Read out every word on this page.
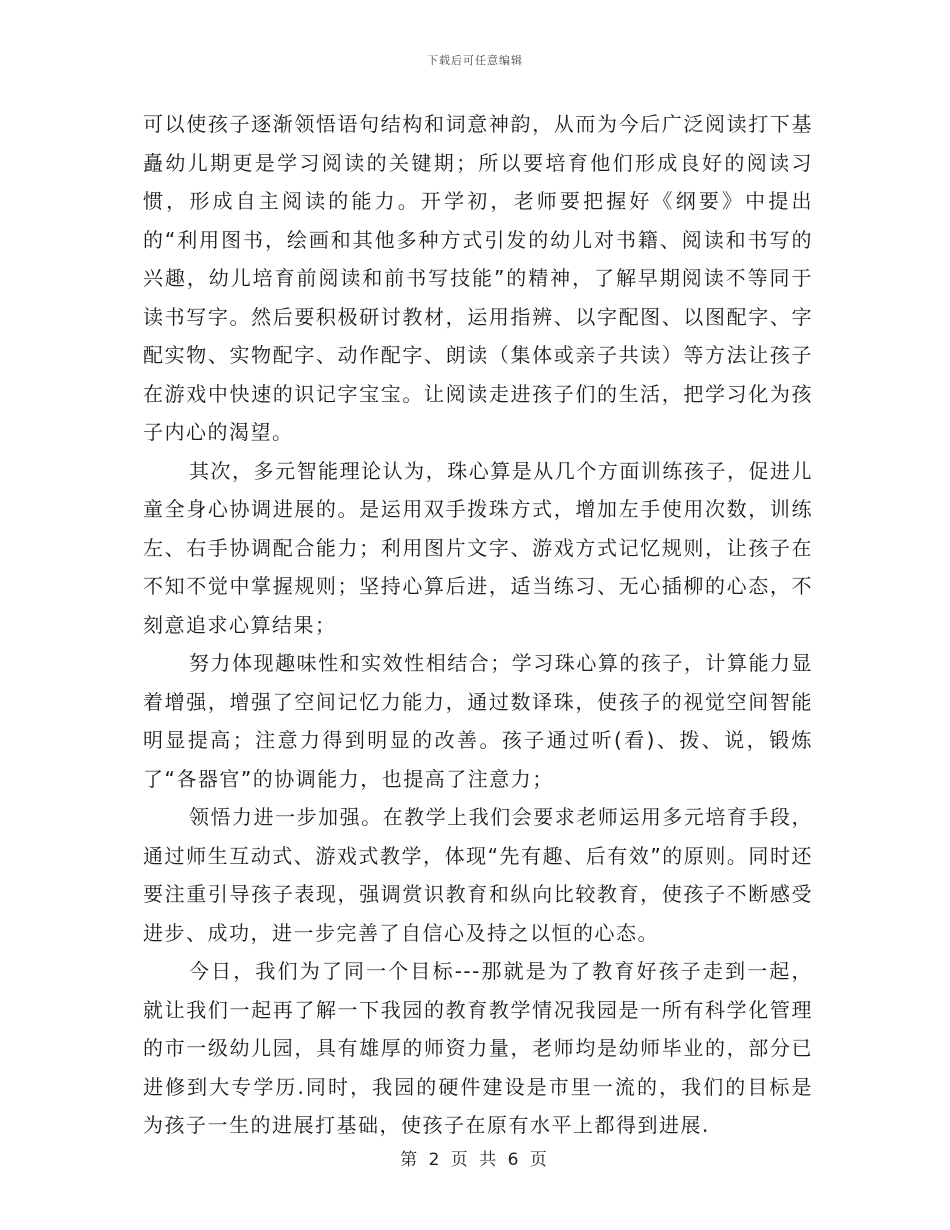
下载后可任意编辑

可以使孩子逐渐领悟语句结构和词意神韵，从而为今后广泛阅读打下基矗幼儿期更是学习阅读的关键期；所以要培育他们形成良好的阅读习惯，形成自主阅读的能力。开学初，老师要把握好《纲要》中提出的“利用图书，绘画和其他多种方式引发的幼儿对书籍、阅读和书写的兴趣，幼儿培育前阅读和前书写技能”的精神，了解早期阅读不等同于读书写字。然后要积极研讨教材，运用指辨、以字配图、以图配字、字配实物、实物配字、动作配字、朗读（集体或亲子共读）等方法让孩子在游戏中快速的识记字宝宝。让阅读走进孩子们的生活，把学习化为孩子内心的渴望。

其次，多元智能理论认为，珠心算是从几个方面训练孩子，促进儿童全身心协调进展的。是运用双手拨珠方式，增加左手使用次数，训练左、右手协调配合能力；利用图片文字、游戏方式记忆规则，让孩子在不知不觉中掌握规则；坚持心算后进，适当练习、无心插柳的心态，不刻意追求心算结果；

努力体现趣味性和实效性相结合；学习珠心算的孩子，计算能力显着增强，增强了空间记忆力能力，通过数译珠，使孩子的视觉空间智能明显提高；注意力得到明显的改善。孩子通过听(看)、拨、说，锻炼了“各器官”的协调能力，也提高了注意力；

领悟力进一步加强。在教学上我们会要求老师运用多元培育手段，通过师生互动式、游戏式教学，体现“先有趣、后有效”的原则。同时还要注重引导孩子表现，强调赏识教育和纵向比较教育，使孩子不断感受进步、成功，进一步完善了自信心及持之以恒的心态。

今日，我们为了同一个目标---那就是为了教育好孩子走到一起，就让我们一起再了解一下我园的教育教学情况我园是一所有科学化管理的市一级幼儿园，具有雄厚的师资力量，老师均是幼师毕业的，部分已进修到大专学历.同时，我园的硬件建设是市里一流的，我们的目标是为孩子一生的进展打基础，使孩子在原有水平上都得到进展.

第 2 页 共 6 页
